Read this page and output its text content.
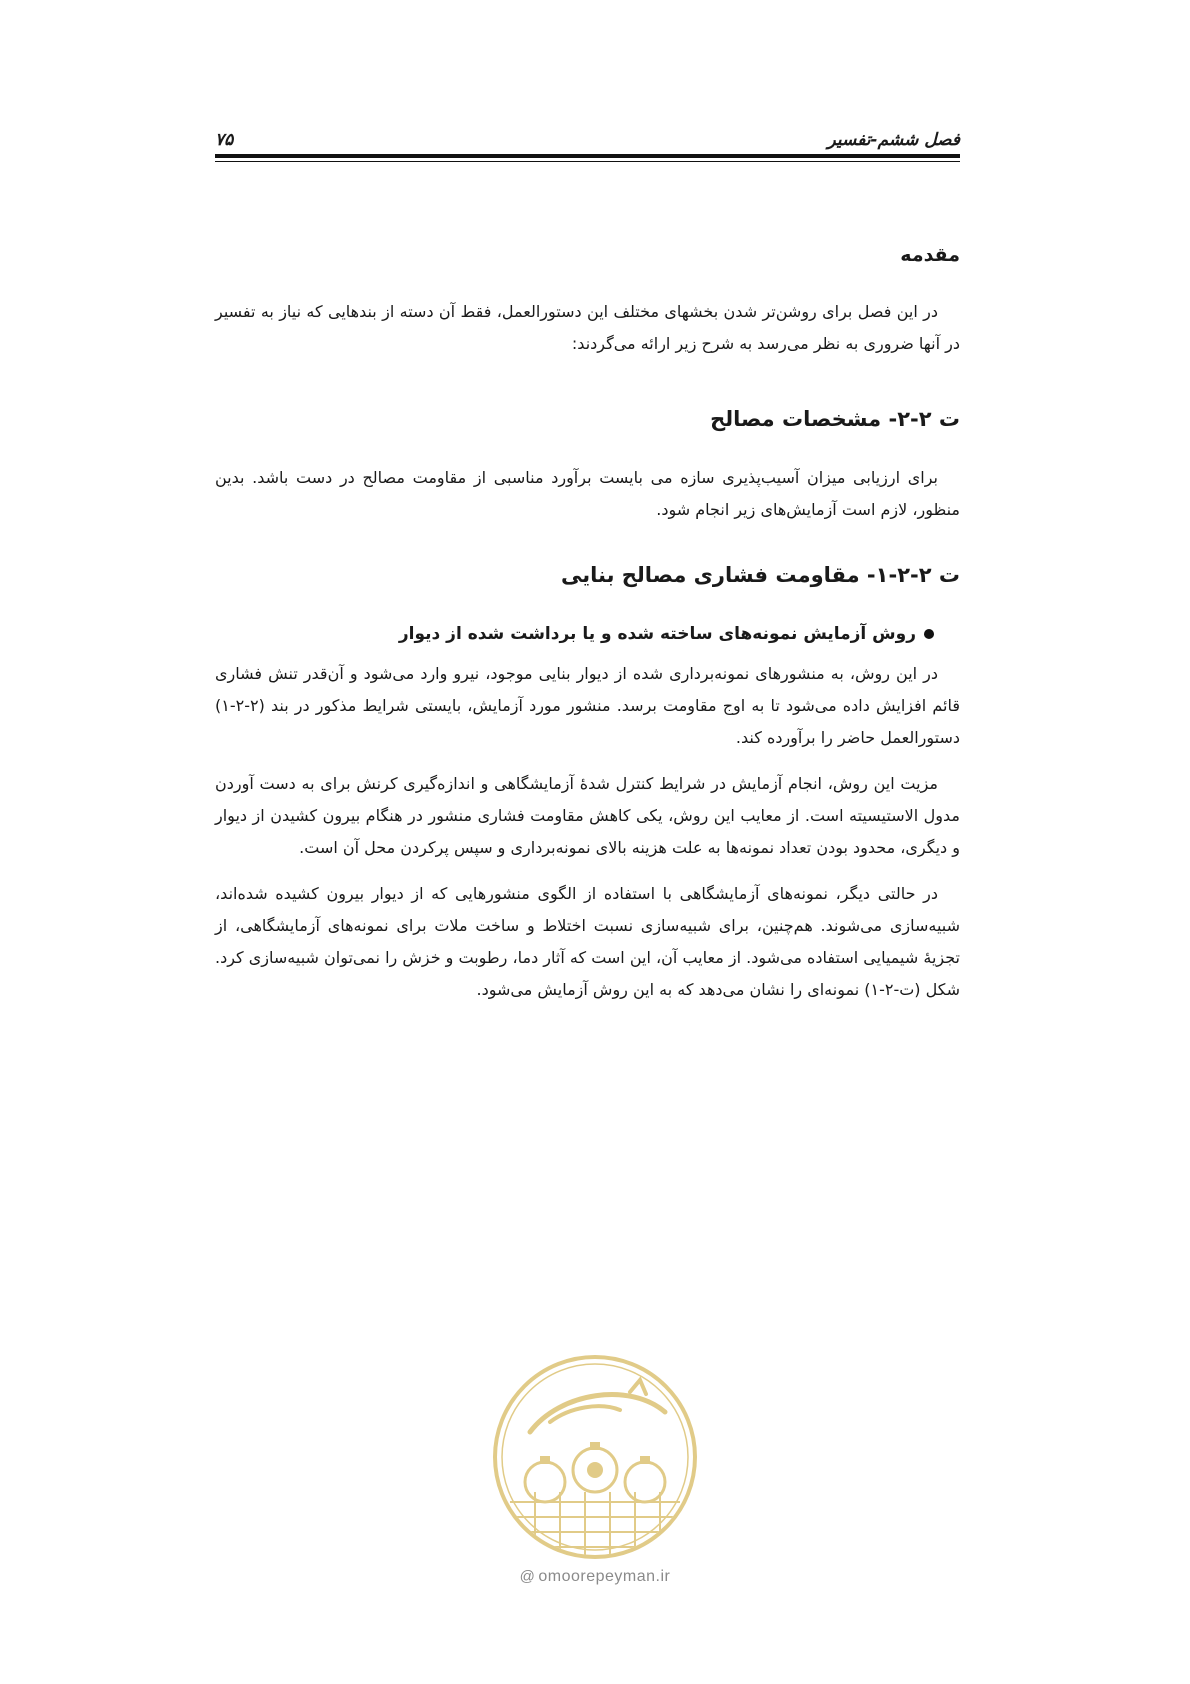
فصل ششم-تفسیر
۷۵
مقدمه

در این فصل برای روشن‌تر شدن بخشهای مختلف این دستورالعمل، فقط آن دسته از بندهایی که نیاز به تفسیر در آنها ضروری به نظر می‌رسد به شرح زیر ارائه می‌گردند:

ت ۲-۲- مشخصات مصالح

برای ارزیابی میزان آسیب‌پذیری سازه می بایست برآورد مناسبی از مقاومت مصالح در دست باشد. بدین منظور، لازم است آزمایش‌های زیر انجام شود.

ت ۲-۲-۱- مقاومت فشاری مصالح بنایی
روش آزمایش نمونه‌های ساخته شده و یا برداشت شده از دیوار

در این روش، به منشورهای نمونه‌برداری شده از دیوار بنایی موجود، نیرو وارد می‌شود و آن‌قدر تنش فشاری قائم افزایش داده می‌شود تا به اوج مقاومت برسد. منشور مورد آزمایش، بایستی شرایط مذکور در بند (۲-۲-۱) دستورالعمل حاضر را برآورده کند.

مزیت این روش، انجام آزمایش در شرایط کنترل شدهٔ آزمایشگاهی و اندازه‌گیری کرنش برای به دست آوردن مدول الاستیسیته است. از معایب این روش، یکی کاهش مقاومت فشاری منشور در هنگام بیرون کشیدن از دیوار و دیگری، محدود بودن تعداد نمونه‌ها به علت هزینه بالای نمونه‌برداری و سپس پرکردن محل آن است.

در حالتی دیگر، نمونه‌های آزمایشگاهی با استفاده از الگوی منشورهایی که از دیوار بیرون کشیده شده‌اند، شبیه‌سازی می‌شوند. هم‌چنین، برای شبیه‌سازی نسبت اختلاط و ساخت ملات برای نمونه‌های آزمایشگاهی، از تجزیهٔ شیمیایی استفاده می‌شود. از معایب آن، این است که آثار دما، رطوبت و خزش را نمی‌توان شبیه‌سازی کرد. شکل (ت-۲-۱) نمونه‌ای را نشان می‌دهد که به این روش آزمایش می‌شود.

@ omoorepeyman.ir
